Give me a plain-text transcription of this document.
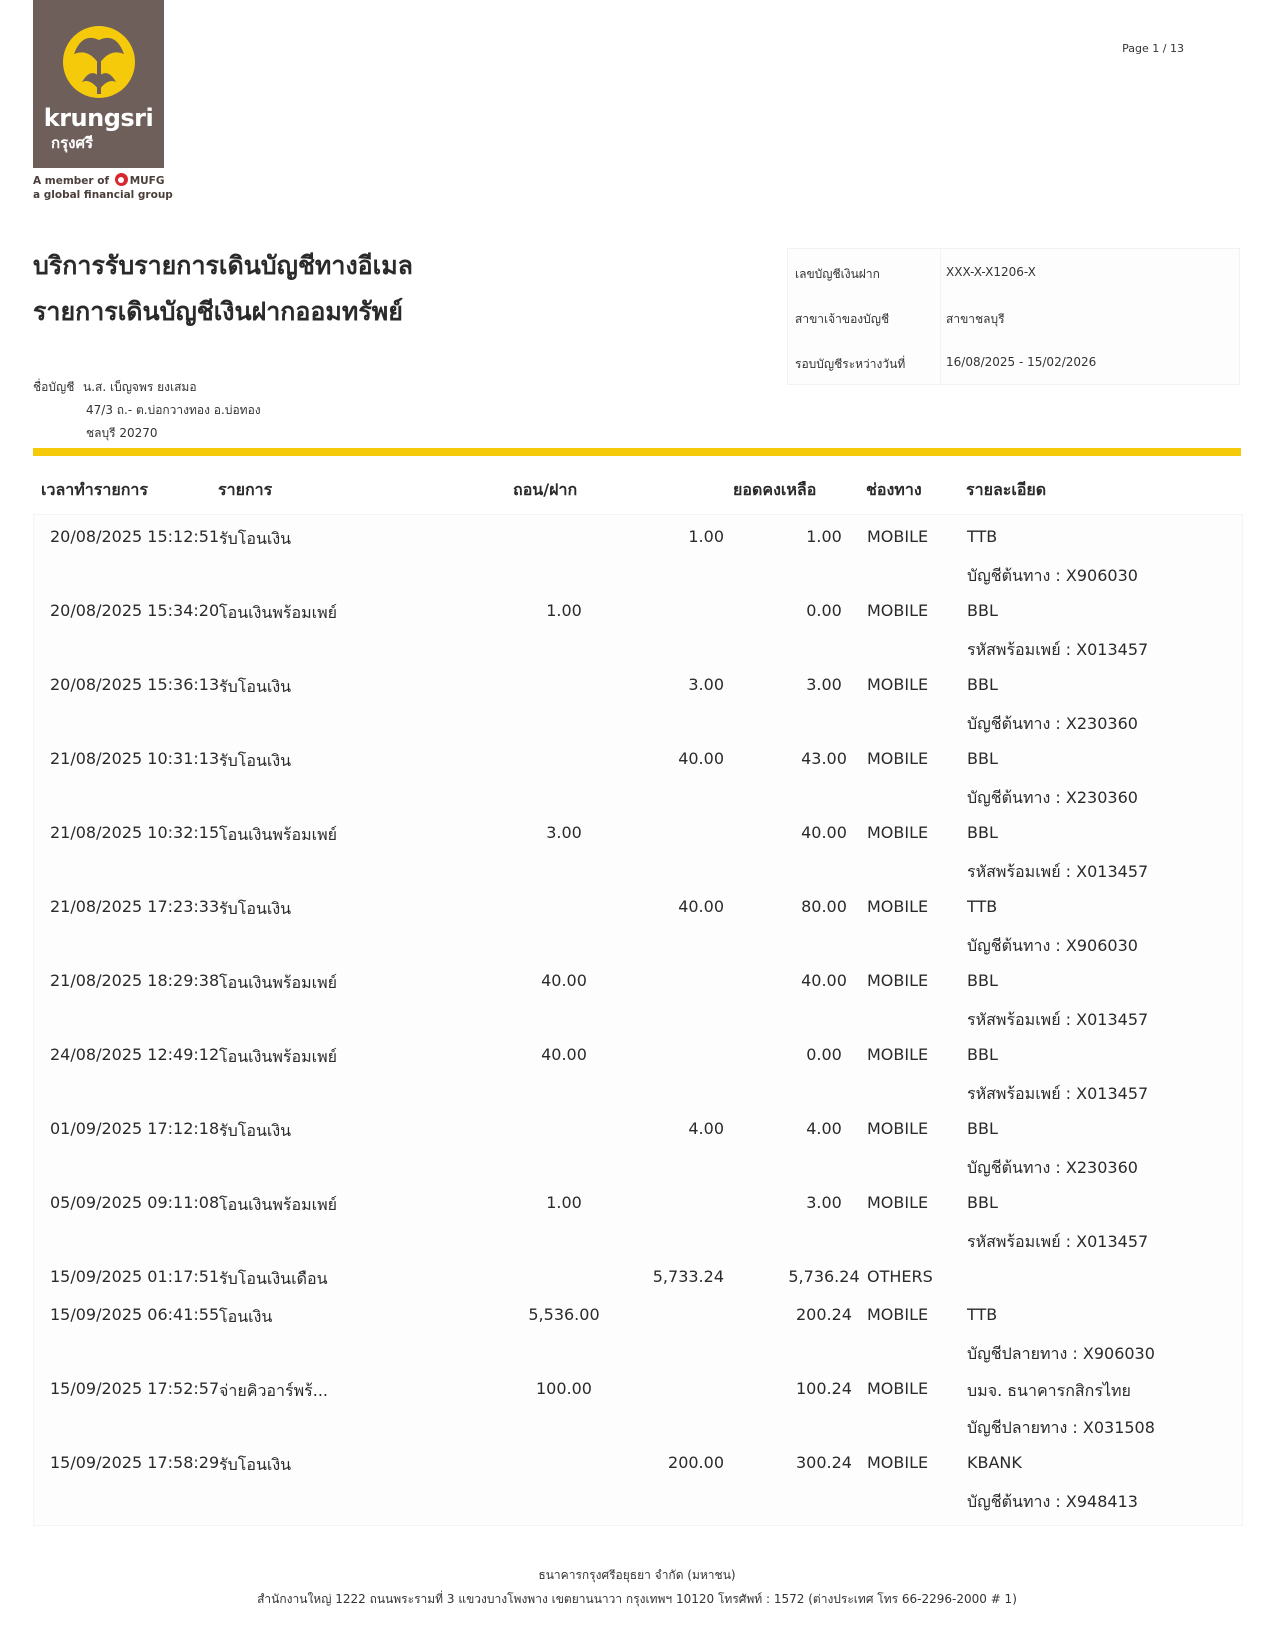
krungsri
กรุงศรี
A member of MUFG
a global financial group
Page 1 / 13
บริการรับรายการเดินบัญชีทางอีเมล
รายการเดินบัญชีเงินฝากออมทรัพย์
เลขบัญชีเงินฝาก	XXX-X-X1206-X
สาขาเจ้าของบัญชี	สาขาชลบุรี
รอบบัญชีระหว่างวันที่	16/08/2025 - 15/02/2026
ชื่อบัญชี น.ส. เบ็ญจพร ยงเสมอ
47/3 ถ.- ต.บ่อกวางทอง อ.บ่อทอง
ชลบุรี 20270
เวลาทำรายการ	รายการ	ถอน/ฝาก	ยอดคงเหลือ	ช่องทาง	รายละเอียด
20/08/2025 15:12:51 รับโอนเงิน	1.00	1.00	MOBILE TTB
บัญชีต้นทาง : X906030
20/08/2025 15:34:20 โอนเงินพร้อมเพย์	1.00	0.00	MOBILE BBL
รหัสพร้อมเพย์ : X013457
20/08/2025 15:36:13 รับโอนเงิน	3.00	3.00	MOBILE BBL
บัญชีต้นทาง : X230360
21/08/2025 10:31:13 รับโอนเงิน	40.00	43.00	MOBILE BBL
บัญชีต้นทาง : X230360
21/08/2025 10:32:15 โอนเงินพร้อมเพย์	3.00	40.00	MOBILE BBL
รหัสพร้อมเพย์ : X013457
21/08/2025 17:23:33 รับโอนเงิน	40.00	80.00	MOBILE TTB
บัญชีต้นทาง : X906030
21/08/2025 18:29:38 โอนเงินพร้อมเพย์	40.00	40.00	MOBILE BBL
รหัสพร้อมเพย์ : X013457
24/08/2025 12:49:12 โอนเงินพร้อมเพย์	40.00	0.00	MOBILE BBL
รหัสพร้อมเพย์ : X013457
01/09/2025 17:12:18 รับโอนเงิน	4.00	4.00	MOBILE BBL
บัญชีต้นทาง : X230360
05/09/2025 09:11:08 โอนเงินพร้อมเพย์	1.00	3.00	MOBILE BBL
รหัสพร้อมเพย์ : X013457
15/09/2025 01:17:51 รับโอนเงินเดือน	5,733.24	5,736.24 OTHERS
15/09/2025 06:41:55 โอนเงิน	5,536.00	200.24 MOBILE TTB
บัญชีปลายทาง : X906030
15/09/2025 17:52:57 จ่ายคิวอาร์พร้...	100.00	100.24 MOBILE บมจ. ธนาคารกสิกรไทย
บัญชีปลายทาง : X031508
15/09/2025 17:58:29 รับโอนเงิน	200.00	300.24 MOBILE KBANK
บัญชีต้นทาง : X948413
ธนาคารกรุงศรีอยุธยา จำกัด (มหาชน)
สำนักงานใหญ่ 1222 ถนนพระรามที่ 3 แขวงบางโพงพาง เขตยานนาวา กรุงเทพฯ 10120 โทรศัพท์ : 1572 (ต่างประเทศ โทร 66-2296-2000 # 1)
